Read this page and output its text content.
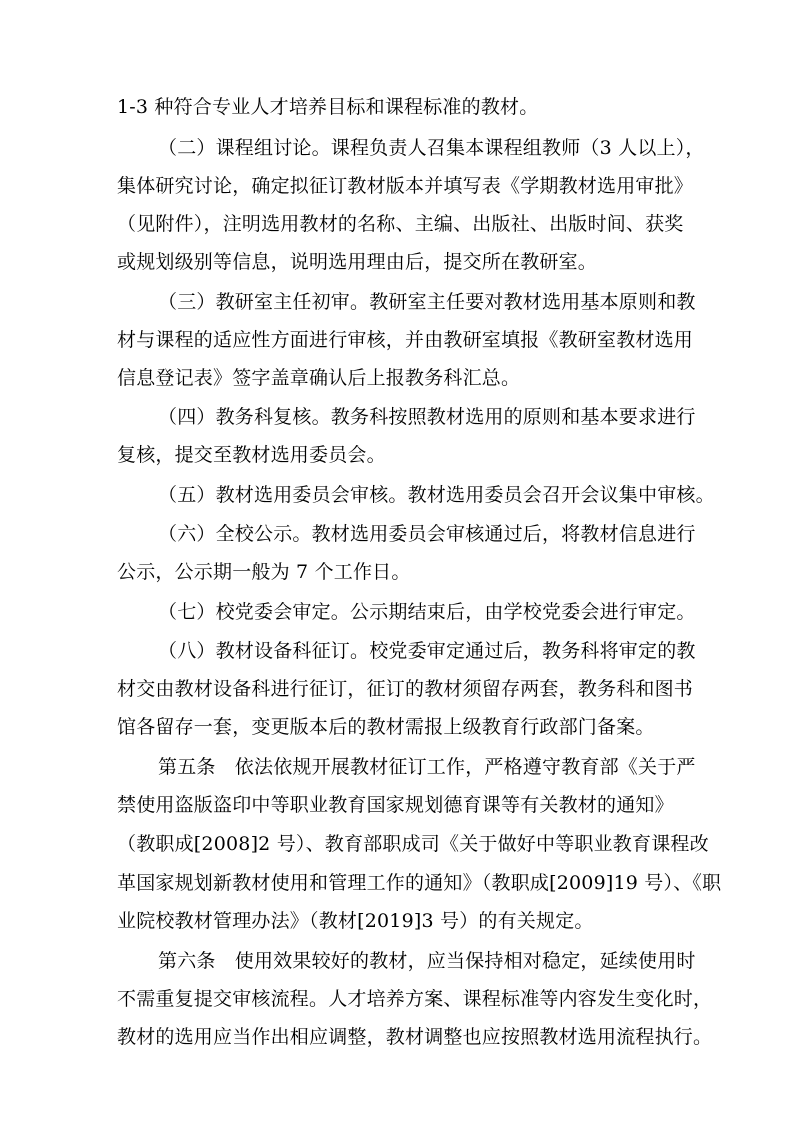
1-3 种符合专业人才培养目标和课程标准的教材。
（二）课程组讨论。课程负责人召集本课程组教师（3 人以上），
集体研究讨论，确定拟征订教材版本并填写表《学期教材选用审批》
（见附件），注明选用教材的名称、主编、出版社、出版时间、获奖
或规划级别等信息，说明选用理由后，提交所在教研室。
（三）教研室主任初审。教研室主任要对教材选用基本原则和教
材与课程的适应性方面进行审核，并由教研室填报《教研室教材选用
信息登记表》签字盖章确认后上报教务科汇总。
（四）教务科复核。教务科按照教材选用的原则和基本要求进行
复核，提交至教材选用委员会。
（五）教材选用委员会审核。教材选用委员会召开会议集中审核。
（六）全校公示。教材选用委员会审核通过后，将教材信息进行
公示，公示期一般为 7 个工作日。
（七）校党委会审定。公示期结束后，由学校党委会进行审定。
（八）教材设备科征订。校党委审定通过后，教务科将审定的教
材交由教材设备科进行征订，征订的教材须留存两套，教务科和图书
馆各留存一套，变更版本后的教材需报上级教育行政部门备案。
第五条　依法依规开展教材征订工作，严格遵守教育部《关于严
禁使用盗版盗印中等职业教育国家规划德育课等有关教材的通知》
（教职成[2008]2 号）、教育部职成司《关于做好中等职业教育课程改
革国家规划新教材使用和管理工作的通知》（教职成[2009]19 号）、《职
业院校教材管理办法》（教材[2019]3 号）的有关规定。
第六条　使用效果较好的教材，应当保持相对稳定，延续使用时
不需重复提交审核流程。人才培养方案、课程标准等内容发生变化时，
教材的选用应当作出相应调整，教材调整也应按照教材选用流程执行。
